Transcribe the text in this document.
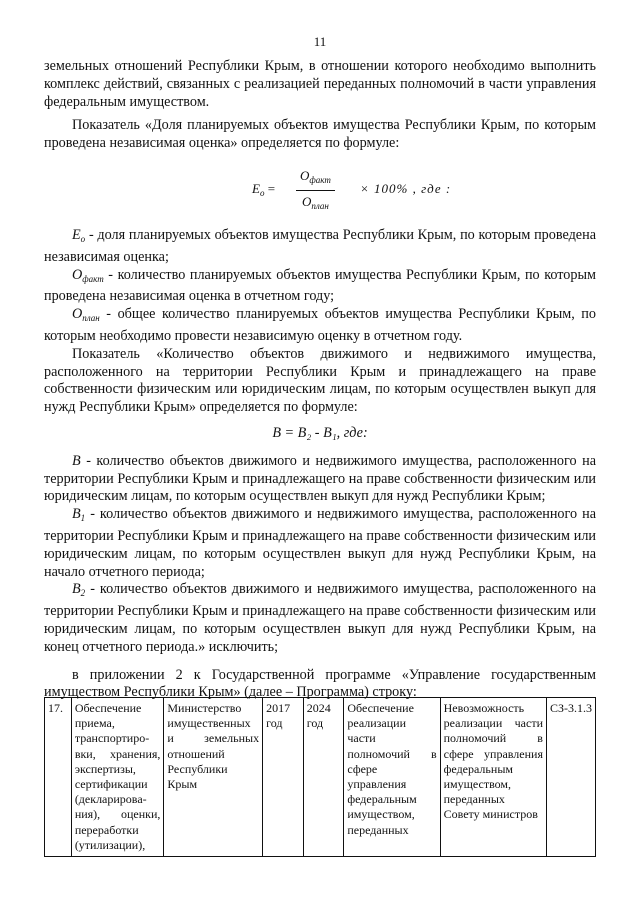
11

земельных отношений Республики Крым, в отношении которого необходимо выполнить комплекс действий, связанных с реализацией переданных полномочий в части управления федеральным имуществом.

Показатель «Доля планируемых объектов имущества Республики Крым, по которым проведена независимая оценка» определяется по формуле:

$E_o$ =
$O_{факт}$
$O_{план}$
× 100% , где :

$E_o$ - доля планируемых объектов имущества Республики Крым, по которым проведена независимая оценка;

$O_{факт}$ - количество планируемых объектов имущества Республики Крым, по которым проведена независимая оценка в отчетном году;

$O_{план}$ - общее количество планируемых объектов имущества Республики Крым, по которым необходимо провести независимую оценку в отчетном году.

Показатель «Количество объектов движимого и недвижимого имущества, расположенного на территории Республики Крым и принадлежащего на праве собственности физическим или юридическим лицам, по которым осуществлен выкуп для нужд Республики Крым» определяется по формуле:

B = B₂ - B₁, где:

B - количество объектов движимого и недвижимого имущества, расположенного на территории Республики Крым и принадлежащего на праве собственности физическим или юридическим лицам, по которым осуществлен выкуп для нужд Республики Крым;

$B_1$ - количество объектов движимого и недвижимого имущества, расположенного на территории Республики Крым и принадлежащего на праве собственности физическим или юридическим лицам, по которым осуществлен выкуп для нужд Республики Крым, на начало отчетного периода;

$B_2$ - количество объектов движимого и недвижимого имущества, расположенного на территории Республики Крым и принадлежащего на праве собственности физическим или юридическим лицам, по которым осуществлен выкуп для нужд Республики Крым, на конец отчетного периода.» исключить;

в приложении 2 к Государственной программе «Управление государственным имуществом Республики Крым» (далее – Программа) строку:

17.	Обеспечение приема, транспортиро-вки, хранения, экспертизы, сертификации (декларирова-ния), оценки, переработки (утилизации),	Министерство имущественных и земельных отношений Республики Крым	2017 год	2024 год	Обеспечение реализации части полномочий в сфере управления федеральным имуществом, переданных	Невозможность реализации части полномочий в сфере управления федеральным имуществом, переданных Совету министров	СЗ-3.1.3
